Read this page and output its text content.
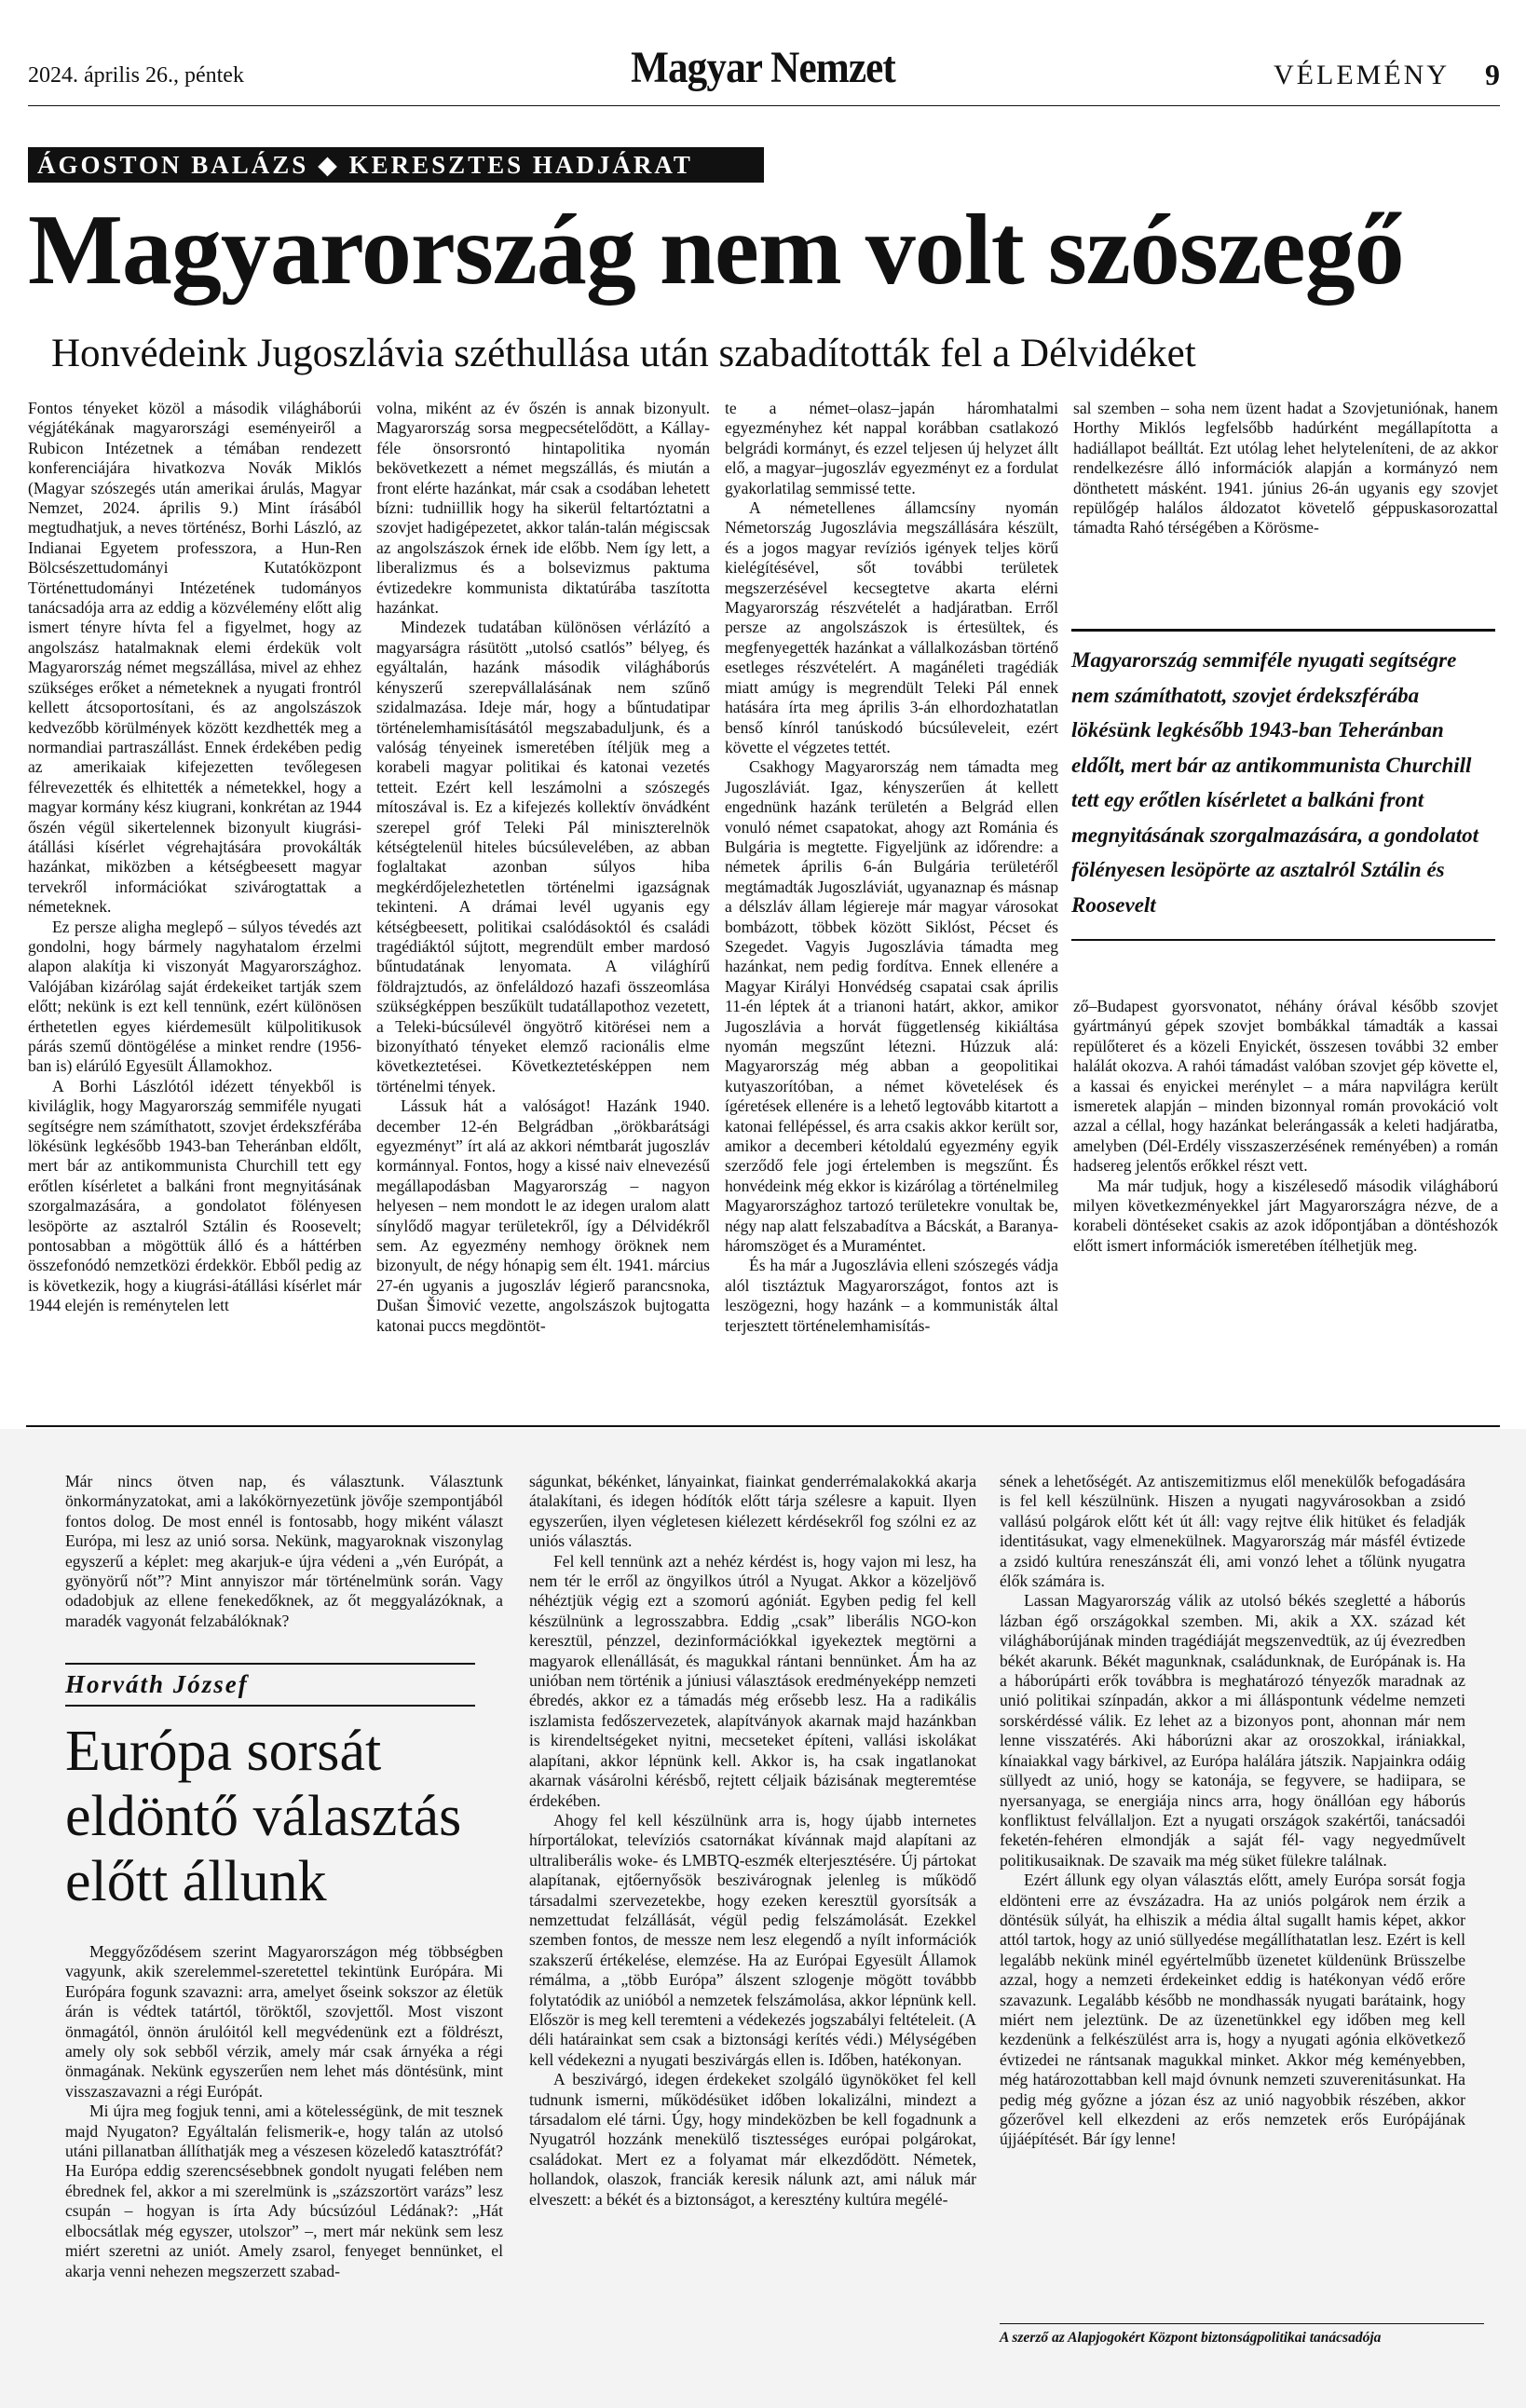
2024. április 26., péntek	Magyar Nemzet	VÉLEMÉNY 9
ÁGOSTON BALÁZS ◆ KERESZTES HADJÁRAT
Magyarország nem volt szószegő
Honvédeink Jugoszlávia széthullása után szabadították fel a Délvidéket

Fontos tényeket közöl a második világháborúi végjátékának magyarországi eseményeiről a Rubicon Intézetnek a témában rendezett konferenciájára hivatkozva Novák Miklós (Magyar szószegés után amerikai árulás, Magyar Nemzet, 2024. április 9.) Mint írásából megtudhatjuk, a neves történész, Borhi László, az Indianai Egyetem professzora, a Hun-Ren Bölcsészettudományi Kutatóközpont Történettudományi Intézetének tudományos tanácsadója arra az eddig a közvélemény előtt alig ismert tényre hívta fel a figyelmet, hogy az angolszász hatalmaknak elemi érdekük volt Magyarország német megszállása, mivel az ehhez szükséges erőket a németeknek a nyugati frontról kellett átcsoportosítani, és az angolszászok kedvezőbb körülmények között kezdhették meg a normandiai partraszállást. Ennek érdekében pedig az amerikaiak kifejezetten tevőlegesen félrevezették és elhitették a németekkel, hogy a magyar kormány kész kiugrani, konkrétan az 1944 őszén végül sikertelennek bizonyult kiugrási-átállási kísérlet végrehajtására provokálták hazánkat, miközben a kétségbeesett magyar tervekről információkat szivárogtattak a németeknek.

Ez persze aligha meglepő – súlyos tévedés azt gondolni, hogy bármely nagyhatalom érzelmi alapon alakítja ki viszonyát Magyarországhoz. Valójában kizárólag saját érdekeiket tartják szem előtt; nekünk is ezt kell tennünk, ezért különösen érthetetlen egyes kiérdemesült külpolitikusok párás szemű döntögélése a minket rendre (1956-ban is) elárúló Egyesült Államokhoz.

A Borhi Lászlótól idézett tényekből is kiviláglik, hogy Magyarország semmiféle nyugati segítségre nem számíthatott, szovjet érdekszférába lökésünk legkésőbb 1943-ban Teheránban eldőlt, mert bár az antikommunista Churchill tett egy erőtlen kísérletet a balkáni front megnyitásának szorgalmazására, a gondolatot fölényesen lesöpörte az asztalról Sztálin és Roosevelt; pontosabban a mögöttük álló és a háttérben összefonódó nemzetközi érdekkör. Ebből pedig az is következik, hogy a kiugrási-átállási kísérlet már 1944 elején is reménytelen lett

volna, miként az év őszén is annak bizonyult. Magyarország sorsa megpecsételődött, a Kállay-féle önsorsrontó hintapolitika nyomán bekövetkezett a német megszállás, és miután a front elérte hazánkat, már csak a csodában lehetett bízni: tudniillik hogy ha sikerül feltartóztatni a szovjet hadigépezetet, akkor talán-talán mégiscsak az angolszászok érnek ide előbb. Nem így lett, a liberalizmus és a bolsevizmus paktuma évtizedekre kommunista diktatúrába taszította hazánkat.

Mindezek tudatában különösen vérlázító a magyarságra rásütött „utolsó csatlós” bélyeg, és egyáltalán, hazánk második világháborús kényszerű szerepvállalásának nem szűnő szidalmazása. Ideje már, hogy a bűntudatipar történelemhamisításától megszabaduljunk, és a valóság tényeinek ismeretében ítéljük meg a korabeli magyar politikai és katonai vezetés tetteit. Ezért kell leszámolni a szószegés mítoszával is. Ez a kifejezés kollektív önvádként szerepel gróf Teleki Pál miniszterelnök kétségtelenül hiteles búcsúlevelében, az abban foglaltakat azonban súlyos hiba megkérdőjelezhetetlen történelmi igazságnak tekinteni. A drámai levél ugyanis egy kétségbeesett, politikai csalódásoktól és családi tragédiáktól sújtott, megrendült ember mardosó bűntudatának lenyomata. A világhírű földrajztudós, az önfeláldozó hazafi összeomlása szükségképpen beszűkült tudatállapothoz vezetett, a Teleki-búcsúlevél öngyötrő kitörései nem a bizonyítható tényeket elemző racionális elme következtetései. Következtetésképpen nem történelmi tények.

Lássuk hát a valóságot! Hazánk 1940. december 12-én Belgrádban „örökbarátsági egyezményt” írt alá az akkori némtbarát jugoszláv kormánnyal. Fontos, hogy a kissé naiv elnevezésű megállapodásban Magyarország – nagyon helyesen – nem mondott le az idegen uralom alatt sínylődő magyar területekről, így a Délvidékről sem. Az egyezmény nemhogy öröknek nem bizonyult, de négy hónapig sem élt. 1941. március 27-én ugyanis a jugoszláv légierő parancsnoka, Dušan Šimović vezette, angolszászok bujtogatta katonai puccs megdöntöt-

te a német–olasz–japán háromhatalmi egyezményhez két nappal korábban csatlakozó belgrádi kormányt, és ezzel teljesen új helyzet állt elő, a magyar–jugoszláv egyezményt ez a fordulat gyakorlatilag semmissé tette.

A németellenes államcsíny nyomán Németország Jugoszlávia megszállására készült, és a jogos magyar revíziós igények teljes körű kielégítésével, sőt további területek megszerzésével kecsegtetve akarta elérni Magyarország részvételét a hadjáratban. Erről persze az angolszászok is értesültek, és megfenyegették hazánkat a vállalkozásban történő esetleges részvételért. A magánéleti tragédiák miatt amúgy is megrendült Teleki Pál ennek hatására írta meg április 3-án elhordozhatatlan benső kínról tanúskodó búcsúleveleit, ezért követte el végzetes tettét.

Csakhogy Magyarország nem támadta meg Jugoszláviát. Igaz, kényszerűen át kellett engednünk hazánk területén a Belgrád ellen vonuló német csapatokat, ahogy azt Románia és Bulgária is megtette. Figyeljünk az időrendre: a németek április 6-án Bulgária területéről megtámadták Jugoszláviát, ugyanaznap és másnap a délszláv állam légiereje már magyar városokat bombázott, többek között Siklóst, Pécset és Szegedet. Vagyis Jugoszlávia támadta meg hazánkat, nem pedig fordítva. Ennek ellenére a Magyar Királyi Honvédség csapatai csak április 11-én léptek át a trianoni határt, akkor, amikor Jugoszlávia a horvát függetlenség kikiáltása nyomán megszűnt létezni. Húzzuk alá: Magyarország még abban a geopolitikai kutyaszorítóban, a német követelések és ígéretések ellenére is a lehető legtovább kitartott a katonai fellépéssel, és arra csakis akkor került sor, amikor a decemberi kétoldalú egyezmény egyik szerződő fele jogi értelemben is megszűnt. És honvédeink még ekkor is kizárólag a történelmileg Magyarországhoz tartozó területekre vonultak be, négy nap alatt felszabadítva a Bácskát, a Baranya-háromszöget és a Muraméntet.

És ha már a Jugoszlávia elleni szószegés vádja alól tisztáztuk Magyarországot, fontos azt is leszögezni, hogy hazánk – a kommunisták által terjesztett történelemhamisítás-

sal szemben – soha nem üzent hadat a Szovjetuniónak, hanem Horthy Miklós legfelsőbb hadúrként megállapította a hadiállapot beálltát. Ezt utólag lehet helyteleníteni, de az akkor rendelkezésre álló információk alapján a kormányzó nem dönthetett másként. 1941. június 26-án ugyanis egy szovjet repülőgép halálos áldozatot követelő géppuskasorozattal támadta Rahó térségében a Körösme-

Magyarország semmiféle nyugati segítségre nem számíthatott, szovjet érdekszférába lökésünk legkésőbb 1943-ban Teheránban eldőlt, mert bár az antikommunista Churchill tett egy erőtlen kísérletet a balkáni front megnyitásának szorgalmazására, a gondolatot fölényesen lesöpörte az asztalról Sztálin és Roosevelt

ző–Budapest gyorsvonatot, néhány órával később szovjet gyártmányú gépek szovjet bombákkal támadták a kassai repülőteret és a közeli Enyickét, összesen további 32 ember halálát okozva. A rahói támadást valóban szovjet gép követte el, a kassai és enyickei merénylet – a mára napvilágra került ismeretek alapján – minden bizonnyal román provokáció volt azzal a céllal, hogy hazánkat belerángassák a keleti hadjáratba, amelyben (Dél-Erdély visszaszerzésének reményében) a román hadsereg jelentős erőkkel részt vett.

Ma már tudjuk, hogy a kiszélesedő második világháború milyen következményekkel járt Magyarországra nézve, de a korabeli döntéseket csakis az azok időpontjában a döntéshozók előtt ismert információk ismeretében ítélhetjük meg.

Már nincs ötven nap, és választunk. Választunk önkormányzatokat, ami a lakókörnyezetünk jövője szempontjából fontos dolog. De most ennél is fontosabb, hogy miként választ Európa, mi lesz az unió sorsa. Nekünk, magyaroknak viszonylag egyszerű a képlet: meg akarjuk-e újra védeni a „vén Európát, a gyönyörű nőt”? Mint annyiszor már történelmünk során. Vagy odadobjuk az ellene fenekedőknek, az őt meggyalázóknak, a maradék vagyonát felzabálóknak?

Horváth József
Európa sorsát eldöntő választás előtt állunk

Meggyőződésem szerint Magyarországon még többségben vagyunk, akik szerelemmel-szeretettel tekintünk Európára. Mi Európára fogunk szavazni: arra, amelyet őseink sokszor az életük árán is védtek tatártól, töröktől, szovjettől. Most viszont önmagától, önnön árulóitól kell megvédenünk ezt a földrészt, amely oly sok sebből vérzik, amely már csak árnyéka a régi önmagának. Nekünk egyszerűen nem lehet más döntésünk, mint visszaszavazni a régi Európát.

Mi újra meg fogjuk tenni, ami a kötelességünk, de mit tesznek majd Nyugaton? Egyáltalán felismerik-e, hogy talán az utolsó utáni pillanatban állíthatják meg a vészesen közeledő katasztrófát? Ha Európa eddig szerencsésebbnek gondolt nyugati felében nem ébrednek fel, akkor a mi szerelmünk is „százszortört varázs” lesz csupán – hogyan is írta Ady búcsúzóul Lédának?: „Hát elbocsátlak még egyszer, utolszor” –, mert már nekünk sem lesz miért szeretni az uniót. Amely zsarol, fenyeget bennünket, el akarja venni nehezen megszerzett szabad-

ságunkat, békénket, lányainkat, fiainkat genderrémalakokká akarja átalakítani, és idegen hódítók előtt tárja szélesre a kapuit. Ilyen egyszerűen, ilyen végletesen kiélezett kérdésekről fog szólni ez az uniós választás.

Fel kell tennünk azt a nehéz kérdést is, hogy vajon mi lesz, ha nem tér le erről az öngyilkos útról a Nyugat. Akkor a közeljövő néhéztjük végig ezt a szomorú agóniát. Egyben pedig fel kell készülnünk a legrosszabbra. Eddig „csak” liberális NGO-kon keresztül, pénzzel, dezinformációkkal igyekeztek megtörni a magyarok ellenállását, és magukkal rántani bennünket. Ám ha az unióban nem történik a júniusi választások eredményeképp nemzeti ébredés, akkor ez a támadás még erősebb lesz. Ha a radikális iszlamista fedőszervezetek, alapítványok akarnak majd hazánkban is kirendeltségeket nyitni, mecseteket építeni, vallási iskolákat alapítani, akkor lépnünk kell. Akkor is, ha csak ingatlanokat akarnak vásárolni kérésbő, rejtett céljaik bázisának megteremtése érdekében.

Ahogy fel kell készülnünk arra is, hogy újabb internetes hírportálokat, televíziós csatornákat kívánnak majd alapítani az ultraliberális woke- és LMBTQ-eszmék elterjesztésére. Új pártokat alapítanak, ejtőernyősök beszivárognak jelenleg is működő társadalmi szervezetekbe, hogy ezeken keresztül gyorsítsák a nemzettudat felzállását, végül pedig felszámolását. Ezekkel szemben fontos, de messze nem lesz elegendő a nyílt információk szakszerű értékelése, elemzése. Ha az Európai Egyesült Államok rémálma, a „több Európa” álszent szlogenje mögött továbbb folytatódik az unióból a nemzetek felszámolása, akkor lépnünk kell. Először is meg kell teremteni a védekezés jogszabályi feltételeit. (A déli határainkat sem csak a biztonsági kerítés védi.) Mélységében kell védekezni a nyugati beszivárgás ellen is. Időben, hatékonyan.

A beszivárgó, idegen érdekeket szolgáló ügynököket fel kell tudnunk ismerni, működésüket időben lokalizálni, mindezt a társadalom elé tárni. Úgy, hogy mindeközben be kell fogadnunk a Nyugatról hozzánk menekülő tisztességes európai polgárokat, családokat. Mert ez a folyamat már elkezdődött. Németek, hollandok, olaszok, franciák keresik nálunk azt, ami náluk már elveszett: a békét és a biztonságot, a keresztény kultúra megélé-

sének a lehetőségét. Az antiszemitizmus elől menekülők befogadására is fel kell készülnünk. Hiszen a nyugati nagyvárosokban a zsidó vallású polgárok előtt két út áll: vagy rejtve élik hitüket és feladják identitásukat, vagy elmenekülnek. Magyarország már másfél évtizede a zsidó kultúra reneszánszát éli, ami vonzó lehet a tőlünk nyugatra élők számára is.

Lassan Magyarország válik az utolsó békés szegletté a háborús lázban égő országokkal szemben. Mi, akik a XX. század két világháborújának minden tragédiáját megszenvedtük, az új évezredben békét akarunk. Békét magunknak, családunknak, de Európának is. Ha a háborúpárti erők továbbra is meghatározó tényezők maradnak az unió politikai színpadán, akkor a mi álláspontunk védelme nemzeti sorskérdéssé válik. Ez lehet az a bizonyos pont, ahonnan már nem lenne visszatérés. Aki háborúzni akar az oroszokkal, irániakkal, kínaiakkal vagy bárkivel, az Európa halálára játszik. Napjainkra odáig süllyedt az unió, hogy se katonája, se fegyvere, se hadiipara, se nyersanyaga, se energiája nincs arra, hogy önállóan egy háborús konfliktust felvállaljon. Ezt a nyugati országok szakértői, tanácsadói feketén-fehéren elmondják a saját fél- vagy negyedművelt politikusaiknak. De szavaik ma még süket fülekre találnak.

Ezért állunk egy olyan választás előtt, amely Európa sorsát fogja eldönteni erre az évszázadra. Ha az uniós polgárok nem érzik a döntésük súlyát, ha elhiszik a média által sugallt hamis képet, akkor attól tartok, hogy az unió süllyedése megállíthatatlan lesz. Ezért is kell legalább nekünk minél egyértelműbb üzenetet küldenünk Brüsszelbe azzal, hogy a nemzeti érdekeinket eddig is hatékonyan védő erőre szavazunk. Legalább később ne mondhassák nyugati barátaink, hogy miért nem jeleztünk. De az üzenetünkkel egy időben meg kell kezdenünk a felkészülést arra is, hogy a nyugati agónia elkövetkező évtizedei ne rántsanak magukkal minket. Akkor még keményebben, még határozottabban kell majd óvnunk nemzeti szuverenitásunkat. Ha pedig még győzne a józan ész az unió nagyobbik részében, akkor gőzerővel kell elkezdeni az erős nemzetek erős Európájának újjáépítését. Bár így lenne!

A szerző az Alapjogokért Központ biztonságpolitikai tanácsadója
